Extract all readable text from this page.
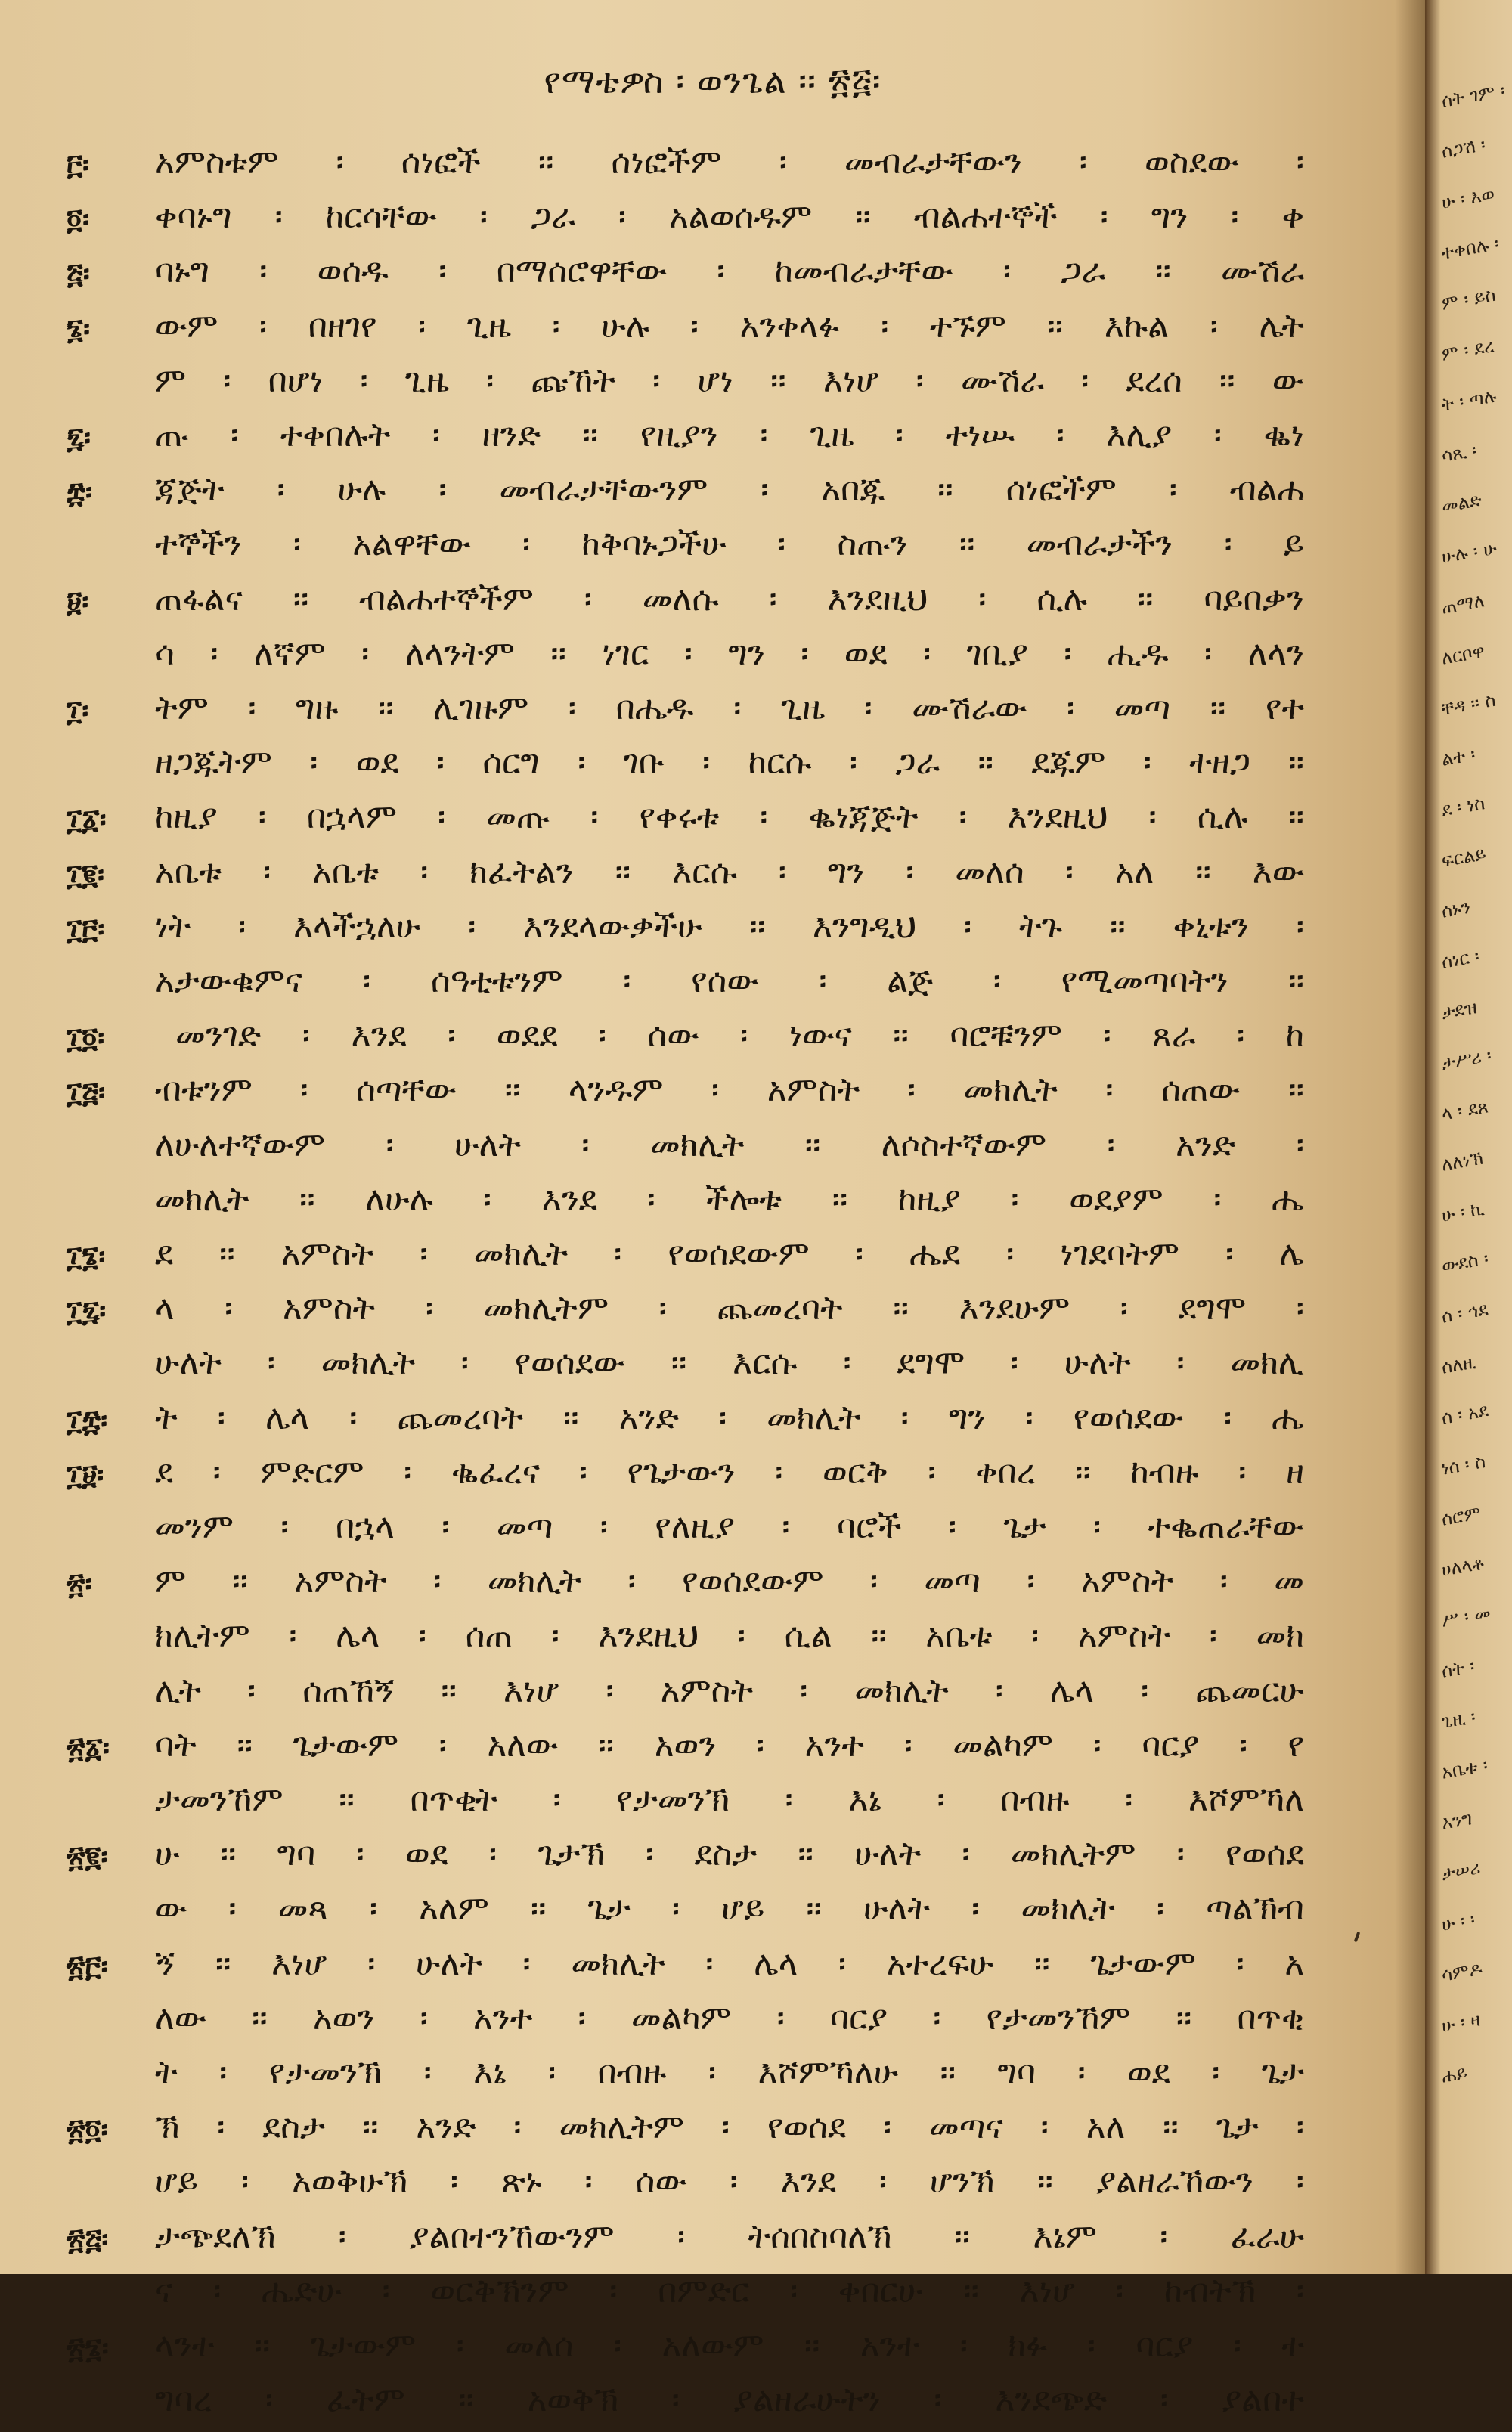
የማቴዎስ ፡ ወንጌል ፡፡ ፳፭፡
፫፡ አምስቱም ፡ ሰነፎች ፡፡ ሰነፎችም ፡ መብራታቸውን ፡ ወስደው ፡
፬፡ ቀባኑግ ፡ ከርሳቸው ፡ ጋራ ፡ አልወሰዱም ፡፡ ብልሐተኞች ፡ ግን ፡ ቀ
፭፡ ባኑግ ፡ ወሰዱ ፡ በማሰሮዋቸው ፡ ከመብራታቸው ፡ ጋራ ፡፡ ሙሽራ
፮፡ ውም ፡ በዘገየ ፡ ጊዜ ፡ ሁሉ ፡ አንቀላፉ ፡ ተኙም ፡፡ እኩል ፡ ሌት
ም ፡ በሆነ ፡ ጊዜ ፡ ጩኸት ፡ ሆነ ፡፡ እነሆ ፡ ሙሽራ ፡ ደረሰ ፡፡ ው
፯፡ ጡ ፡ ተቀበሉት ፡ ዘንድ ፡፡ የዚያን ፡ ጊዜ ፡ ተነሡ ፡ እሊያ ፡ ቈነ
፰፡ ጃጅት ፡ ሁሉ ፡ መብራታቸውንም ፡ አበጁ ፡፡ ሰነፎችም ፡ ብልሐ
ተኞችን ፡ አልዋቸው ፡ ከቅባኑጋችሁ ፡ ስጡን ፡፡ መብራታችን ፡ ይ
፱፡ ጠፋልና ፡፡ ብልሐተኞችም ፡ መለሱ ፡ እንደዚህ ፡ ሲሉ ፡፡ ባይበቃን
ሳ ፡ ለኛም ፡ ለላንትም ፡፡ ነገር ፡ ግን ፡ ወደ ፡ ገቢያ ፡ ሒዱ ፡ ለላን
፲፡ ትም ፡ ግዙ ፡፡ ሊገዙም ፡ በሔዱ ፡ ጊዜ ፡ ሙሽራው ፡ መጣ ፡፡ የተ
ዘጋጁትም ፡ ወደ ፡ ሰርግ ፡ ገቡ ፡ ከርሱ ፡ ጋራ ፡፡ ደጁም ፡ ተዘጋ ፡፡
፲፩፡ ከዚያ ፡ በኋላም ፡ መጡ ፡ የቀሩቱ ፡ ቈነጃጅት ፡ እንደዚህ ፡ ሲሉ ፡፡
፲፪፡ አቤቱ ፡ አቤቱ ፡ ክፈትልን ፡፡ እርሱ ፡ ግን ፡ መለሰ ፡ አለ ፡፡ እው
፲፫፡ ነት ፡ እላችኋለሁ ፡ እንደላውቃችሁ ፡፡ እንግዲህ ፡ ትጉ ፡፡ ቀኒቱን ፡
አታውቁምና ፡ ሰዓቲቱንም ፡ የሰው ፡ ልጅ ፡ የሚመጣባትን ፡፡
፲፬፡ መንገድ ፡ እንደ ፡ ወደደ ፡ ሰው ፡ ነውና ፡፡ ባሮቹንም ፡ ጸራ ፡ ከ
፲፭፡ ብቱንም ፡ ሰጣቸው ፡፡ ላንዱም ፡ አምስት ፡ መክሊት ፡ ሰጠው ፡፡
ለሁለተኛውም ፡ ሁለት ፡ መክሊት ፡፡ ለሶስተኛውም ፡ አንድ ፡
መክሊት ፡፡ ለሁሉ ፡ እንደ ፡ ችሎቱ ፡፡ ከዚያ ፡ ወደያም ፡ ሔ
፲፮፡ ደ ፡፡ አምስት ፡ መክሊት ፡ የወሰደውም ፡ ሔደ ፡ ነገደባትም ፡ ሌ
፲፯፡ ላ ፡ አምስት ፡ መክሊትም ፡ ጨመረባት ፡፡ እንደሁም ፡ ደግሞ ፡
ሁለት ፡ መክሊት ፡ የወሰደው ፡፡ እርሱ ፡ ደግሞ ፡ ሁለት ፡ መክሊ
፲፰፡ ት ፡ ሌላ ፡ ጨመረባት ፡፡ አንድ ፡ መክሊት ፡ ግን ፡ የወሰደው ፡ ሔ
፲፱፡ ደ ፡ ምድርም ፡ ቈፈረና ፡ የጌታውን ፡ ወርቅ ፡ ቀበረ ፡፡ ከብዙ ፡ ዘ
መንም ፡ በኋላ ፡ መጣ ፡ የለዚያ ፡ ባሮች ፡ ጌታ ፡ ተቈጠራቸው
፳፡ ም ፡፡ አምስት ፡ መክሊት ፡ የወሰደውም ፡ መጣ ፡ አምስት ፡ መ
ክሊትም ፡ ሌላ ፡ ሰጠ ፡ እንደዚህ ፡ ሲል ፡፡ አቤቱ ፡ አምስት ፡ መክ
ሊት ፡ ሰጠኸኝ ፡፡ እነሆ ፡ አምስት ፡ መክሊት ፡ ሌላ ፡ ጨመርሁ
፳፩፡ ባት ፡፡ ጌታውም ፡ አለው ፡፡ አወን ፡ አንተ ፡ መልካም ፡ ባርያ ፡ የ
ታመንኸም ፡፡ በጥቂት ፡ የታመንኽ ፡ እኔ ፡ በብዙ ፡ እሾምኻለ
፳፪፡ ሁ ፡፡ ግባ ፡ ወደ ፡ ጌታኽ ፡ ደስታ ፡፡ ሁለት ፡ መክሊትም ፡ የወሰደ
ው ፡ መጻ ፡ አለም ፡፡ ጌታ ፡ ሆይ ፡፡ ሁለት ፡ መክሊት ፡ ጣልኽብ
፳፫፡ ኝ ፡፡ እነሆ ፡ ሁለት ፡ መክሊት ፡ ሌላ ፡ አተረፍሁ ፡፡ ጌታውም ፡ አ
ለው ፡፡ አወን ፡ አንተ ፡ መልካም ፡ ባርያ ፡ የታመንኸም ፡፡ በጥቂ
ት ፡ የታመንኽ ፡ እኔ ፡ በብዙ ፡ እሾምኻለሁ ፡፡ ግባ ፡ ወደ ፡ ጌታ
፳፬፡ ኽ ፡ ደስታ ፡፡ አንድ ፡ መክሊትም ፡ የወሰደ ፡ መጣና ፡ አለ ፡፡ ጌታ ፡
ሆይ ፡ አወቅሁኽ ፡ ጽኑ ፡ ሰው ፡ እንደ ፡ ሆንኽ ፡፡ ያልዘራኸውን ፡
፳፭፡ ታጭደለኽ ፡ ያልበተንኸውንም ፡ ትሰበስባለኽ ፡፡ እኔም ፡ ፈራሁ
ና ፡ ሔድሁ ፡ ወርቅኽንም ፡ በምድር ፡ ቀበርሁ ፡፡ እነሆ ፡ ከብትኽ ፡
፳፮፡ ላንተ ፡፡ ጌታውም ፡ መለሰ ፡ አለውም ፡፡ አንተ ፡ ክፉ ፡ ባርያ ፡ ተ
ግባረ ፡ ፈትም ፡፡ አወቅኽ ፡ ያልዘራሁትን ፡ እንደጭድ ፡ ያልበተ
ሰት ገም ፡
ሰጋሽ ፡
ሁ ፡ እወ
ተቀበሉ ፡
ም ፡ ይስ
ም ፡ ደረ
ት ፡ ጣሉ
ሳጺ ፡
መልድ
ሁሉ ፡ ሁ
ጠማለ
ለርቦዋ
ቸዳ ፡፡ ስ
ልተ ፡
ደ ፡ ነስ
ፍርልይ
ሰኑን
ሰነር ፡
ታደዝ
ታሥሪ ፡
ላ ፡ ደጸ
ለለነኽ
ሁ ፡ ኪ
ውደስ ፡
ሰ ፡ ኅደ
ሰለዚ
ሰ ፡ አደ
ነሰ ፡ ስ
ሰሮም
ሀለላቶ
ሥ ፡ መ
ሰት ፡
ጌዚ ፡
አቤቱ ፡
እንግ
ታሠሪ
ሁ ፡ ፡
ሳምዶ
ሁ ፡ ዛ
ሐይ
